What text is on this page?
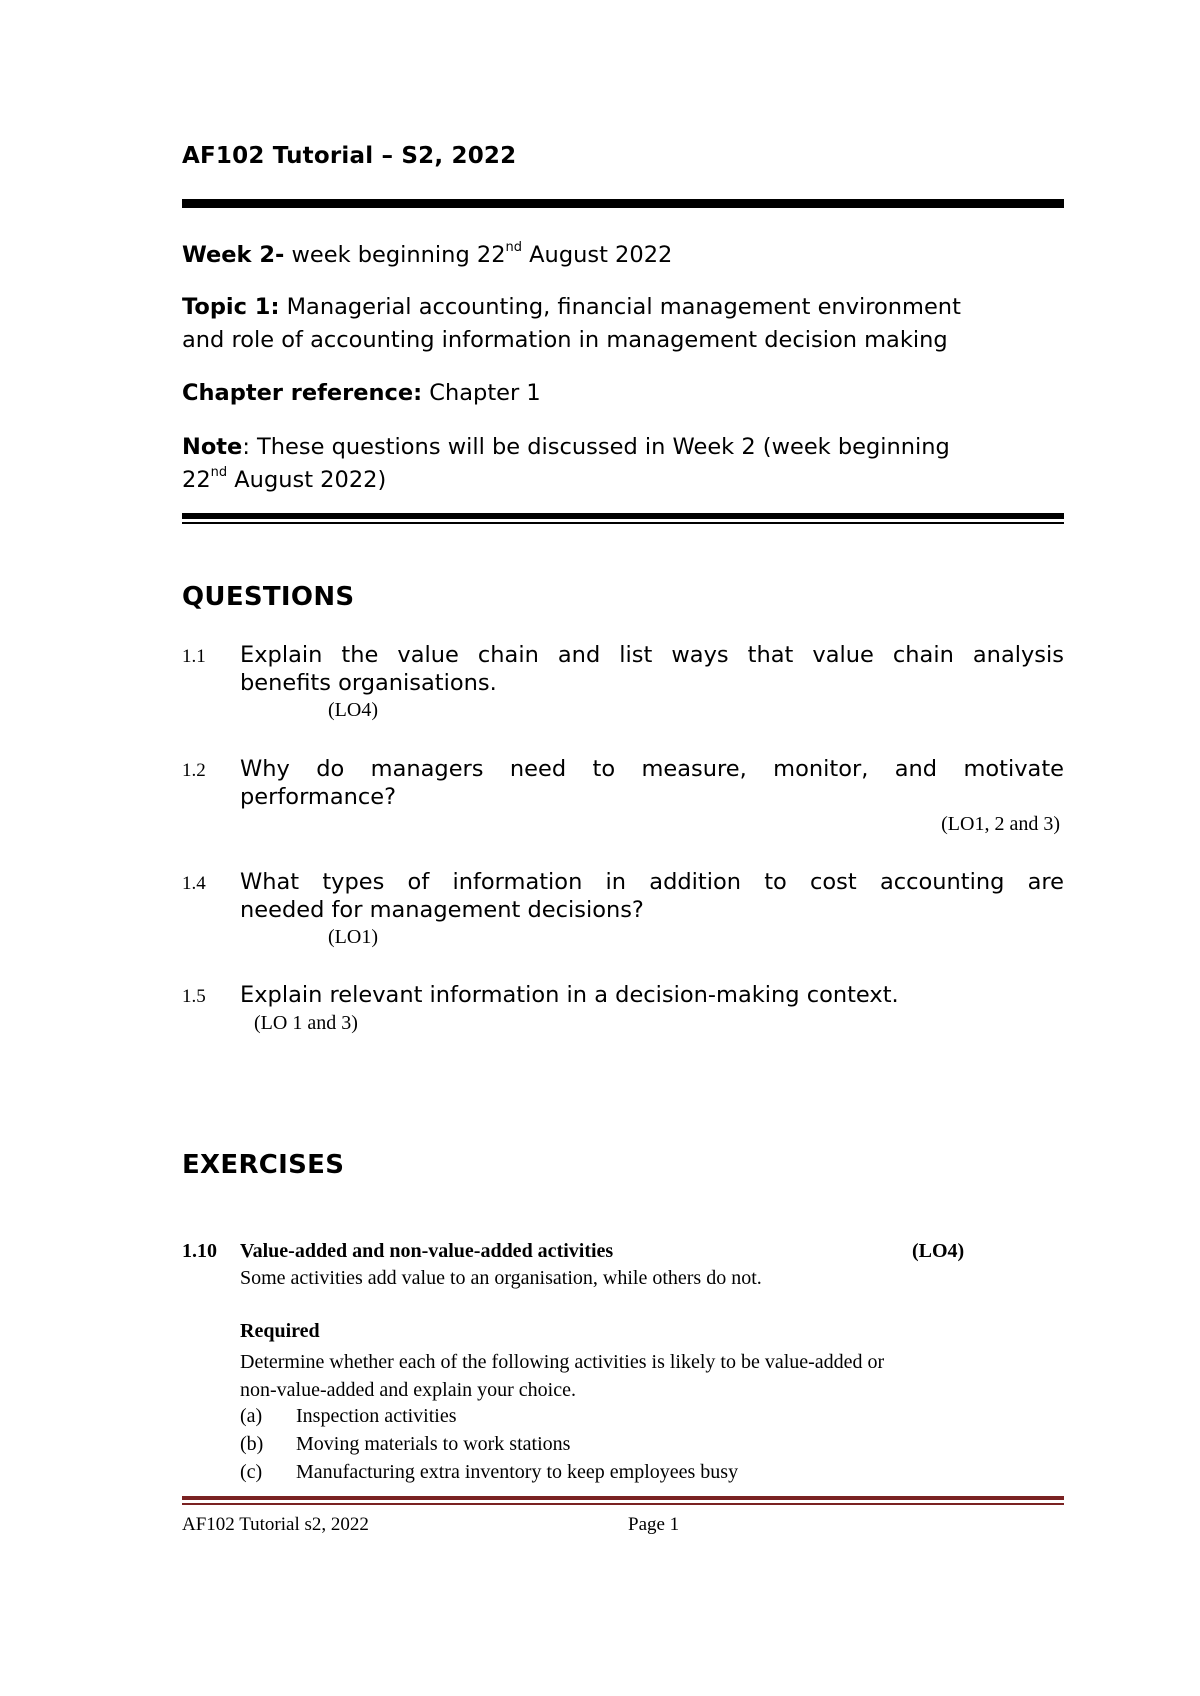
AF102 Tutorial – S2, 2022
Week 2- week beginning 22nd August 2022
Topic 1: Managerial accounting, financial management environment
and role of accounting information in management decision making
Chapter reference: Chapter 1
Note: These questions will be discussed in Week 2 (week beginning
22nd August 2022)
QUESTIONS
1.1 Explain the value chain and list ways that value chain analysis
benefits organisations.
(LO4)
1.2 Why do managers need to measure, monitor, and motivate
performance?
(LO1, 2 and 3)
1.4 What types of information in addition to cost accounting are
needed for management decisions?
(LO1)
1.5 Explain relevant information in a decision-making context.
(LO 1 and 3)
EXERCISES
1.10 Value-added and non-value-added activities	(LO4)
Some activities add value to an organisation, while others do not.
Required
Determine whether each of the following activities is likely to be value-added or
non-value-added and explain your choice.
(a) Inspection activities
(b) Moving materials to work stations
(c) Manufacturing extra inventory to keep employees busy
AF102 Tutorial s2, 2022	Page 1
